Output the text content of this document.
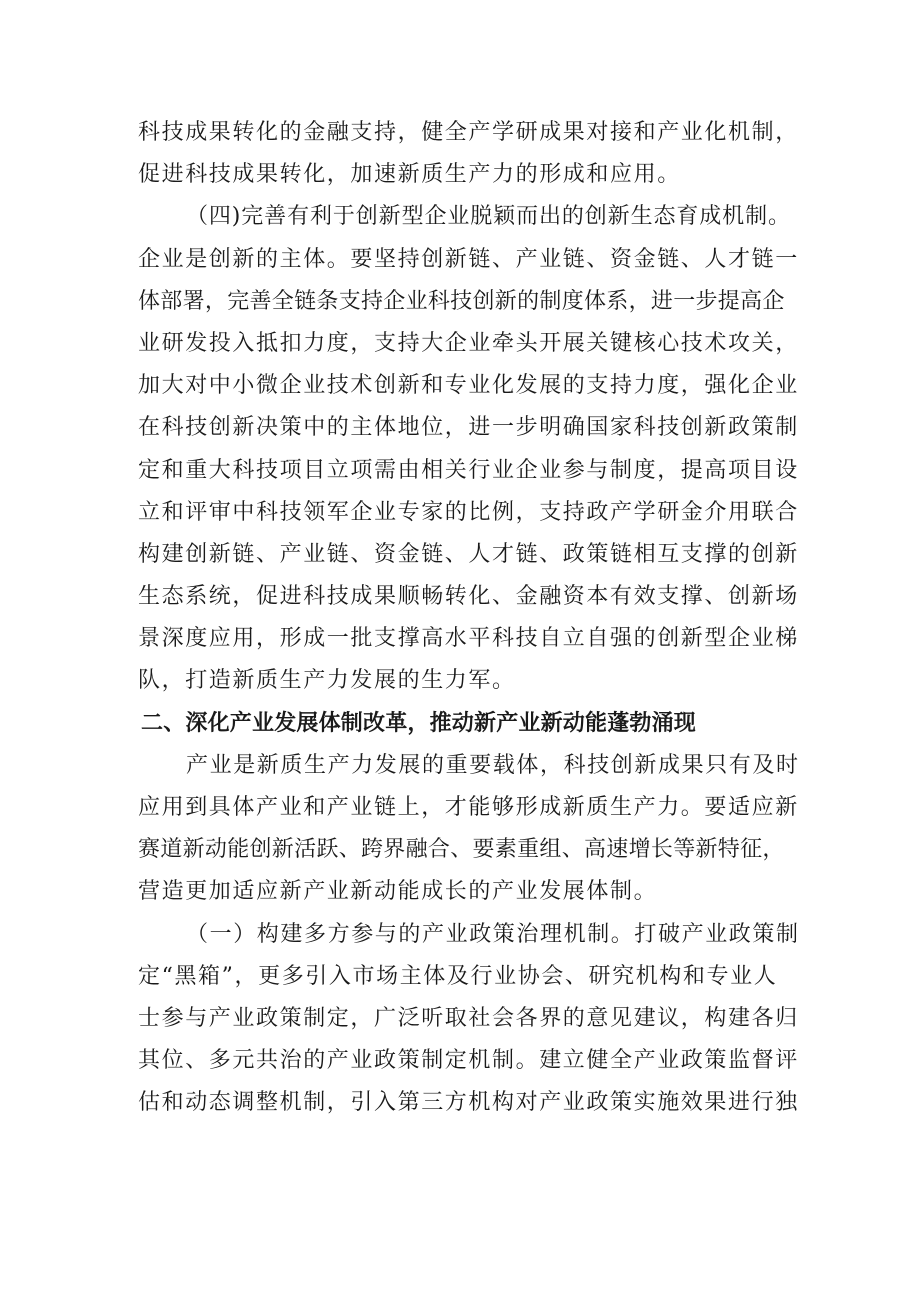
科技成果转化的金融支持，健全产学研成果对接和产业化机制，
促进科技成果转化，加速新质生产力的形成和应用。
（四)完善有利于创新型企业脱颖而出的创新生态育成机制。
企业是创新的主体。要坚持创新链、产业链、资金链、人才链一
体部署，完善全链条支持企业科技创新的制度体系，进一步提高企
业研发投入抵扣力度，支持大企业牵头开展关键核心技术攻关，
加大对中小微企业技术创新和专业化发展的支持力度，强化企业
在科技创新决策中的主体地位，进一步明确国家科技创新政策制
定和重大科技项目立项需由相关行业企业参与制度，提高项目设
立和评审中科技领军企业专家的比例，支持政产学研金介用联合
构建创新链、产业链、资金链、人才链、政策链相互支撑的创新
生态系统，促进科技成果顺畅转化、金融资本有效支撑、创新场
景深度应用，形成一批支撑高水平科技自立自强的创新型企业梯
队，打造新质生产力发展的生力军。
二、深化产业发展体制改革，推动新产业新动能蓬勃涌现
产业是新质生产力发展的重要载体，科技创新成果只有及时
应用到具体产业和产业链上，才能够形成新质生产力。要适应新
赛道新动能创新活跃、跨界融合、要素重组、高速增长等新特征，
营造更加适应新产业新动能成长的产业发展体制。
（一）构建多方参与的产业政策治理机制。打破产业政策制
定“黑箱”，更多引入市场主体及行业协会、研究机构和专业人
士参与产业政策制定，广泛听取社会各界的意见建议，构建各归
其位、多元共治的产业政策制定机制。建立健全产业政策监督评
估和动态调整机制，引入第三方机构对产业政策实施效果进行独
